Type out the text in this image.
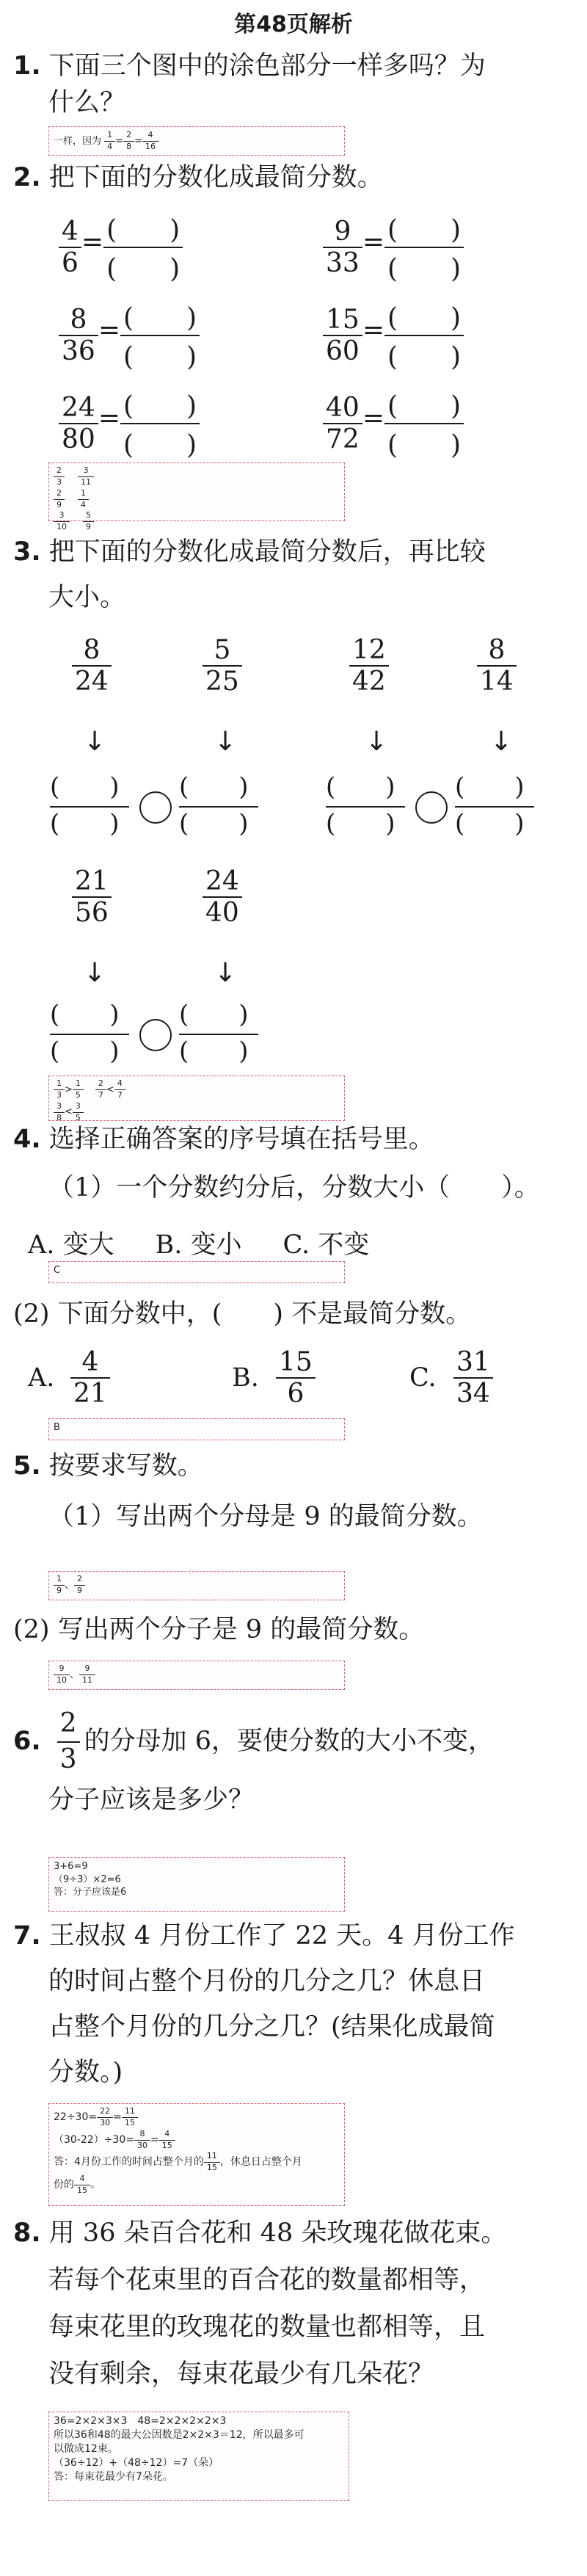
第48页解析
1. 下面三个图中的涂色部分一样多吗？为
什么？
一样，因为 $\frac{1}{4} = \frac{2}{8} = \frac{4}{16}$
2. 把下面的分数化成最简分数。
$\frac{4}{6} = \frac{( )}{( )}$	$\frac{9}{33} = \frac{( )}{( )}$
$\frac{8}{36} = \frac{( )}{( )}$	$\frac{15}{60} = \frac{( )}{( )}$
$\frac{24}{80} = \frac{( )}{( )}$	$\frac{40}{72} = \frac{( )}{( )}$
$\frac{2}{3} \frac{3}{11}$
$\frac{2}{9} \frac{1}{4}$
$\frac{3}{10} \frac{5}{9}$
3. 把下面的分数化成最简分数后，再比较
大小。
$\frac{8}{24}$	$\frac{5}{25}$	$\frac{12}{42}$	$\frac{8}{14}$
↓	↓	↓	↓
(　　)
(　　)
(　　)
(　　)
(　　)
(　　)
(　　)
(　　)
$\frac{21}{56}$	$\frac{24}{40}$
↓	↓
(　　)
(　　)
(　　)
(　　)
$\frac{1}{3} > \frac{1}{5} \frac{2}{7} < \frac{4}{7}$
$\frac{3}{8} < \frac{3}{5}$
4. 选择正确答案的序号填在括号里。
（1）一个分数约分后，分数大小（　　）。
A. 变大 B. 变小 C. 不变
C
(2) 下面分数中，(　　) 不是最简分数。
A. $\frac{4}{21}$	B. $\frac{15}{6}$	C. $\frac{31}{34}$
B
5. 按要求写数。
（1）写出两个分母是 9 的最简分数。
$\frac{1}{9}$ 、 $\frac{2}{9}$
(2) 写出两个分子是 9 的最简分数。
$\frac{9}{10}$ 、 $\frac{9}{11}$
6. $\frac{2}{3}$ 的分母加 6，要使分数的大小不变，
分子应该是多少？
3+6=9
（9÷3）×2=6
答：分子应该是6
7. 王叔叔 4 月份工作了 22 天。4 月份工作
的时间占整个月份的几分之几？休息日
占整个月份的几分之几？(结果化成最简
分数。)
$22\div 30= \frac{22}{30} = \frac{11}{15}$
$(30-22)\div 30= \frac{8}{30} = \frac{4}{15}$
答：4月份工作的时间占整个月的 $\frac{11}{15}$ ，休息日占整个月
份的 $\frac{4}{15}$ 。
8. 用 36 朵百合花和 48 朵玫瑰花做花束。
若每个花束里的百合花的数量都相等，
每束花里的玫瑰花的数量也都相等，且
没有剩余，每束花最少有几朵花？
36=2×2×3×3　48=2×2×2×2×3
所以36和48的最大公因数是2×2×3＝12，所以最多可
以做成12束。
（36÷12）+（48÷12）=7（朵）
答：每束花最少有7朵花。
